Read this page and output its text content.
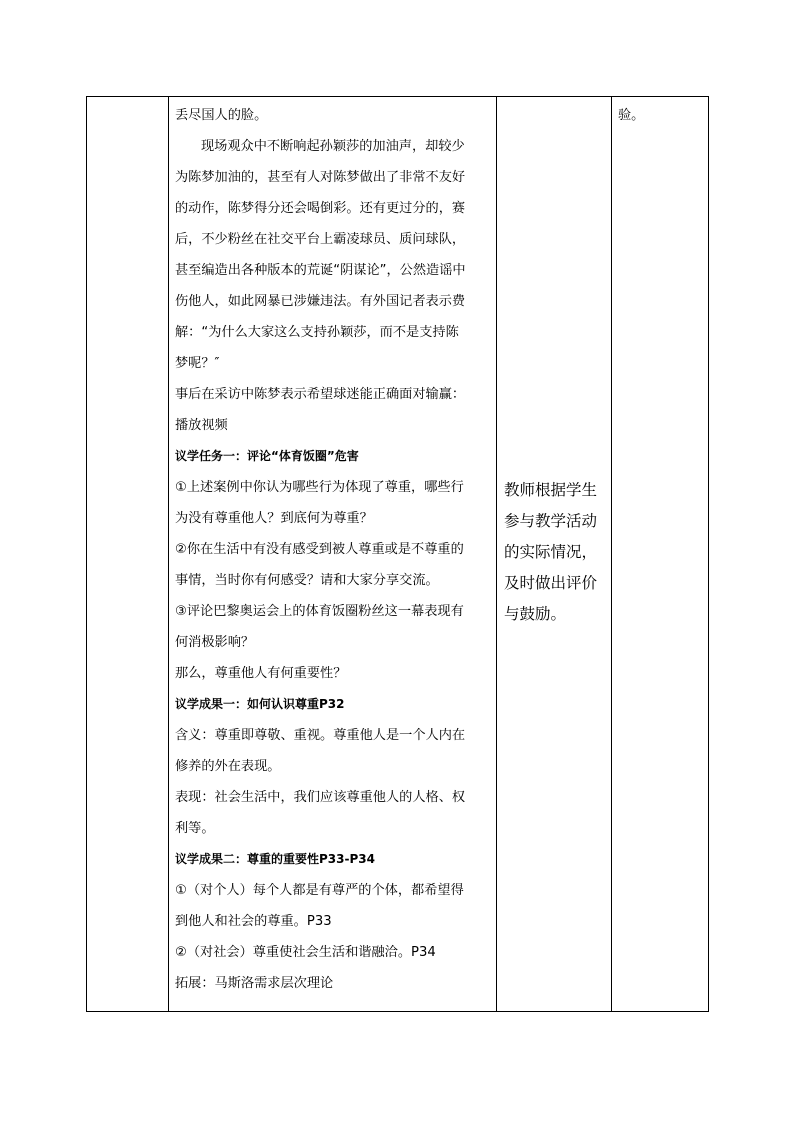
丢尽国人的脸。
现场观众中不断响起孙颖莎的加油声，却较少
为陈梦加油的，甚至有人对陈梦做出了非常不友好
的动作，陈梦得分还会喝倒彩。还有更过分的，赛
后，不少粉丝在社交平台上霸凌球员、质问球队，
甚至编造出各种版本的荒诞“阴谋论”，公然造谣中
伤他人，如此网暴已涉嫌违法。有外国记者表示费
解：“为什么大家这么支持孙颖莎，而不是支持陈
梦呢？″
事后在采访中陈梦表示希望球迷能正确面对输赢：
播放视频
议学任务一：评论“体育饭圈”危害
①上述案例中你认为哪些行为体现了尊重，哪些行
为没有尊重他人？到底何为尊重？
②你在生活中有没有感受到被人尊重或是不尊重的
事情，当时你有何感受？请和大家分享交流。
③评论巴黎奥运会上的体育饭圈粉丝这一幕表现有
何消极影响？
那么，尊重他人有何重要性？
议学成果一：如何认识尊重P32
含义：尊重即尊敬、重视。尊重他人是一个人内在
修养的外在表现。
表现：社会生活中，我们应该尊重他人的人格、权
利等。
议学成果二：尊重的重要性P33-P34
①（对个人）每个人都是有尊严的个体，都希望得
到他人和社会的尊重。P33
②（对社会）尊重使社会生活和谐融洽。P34
拓展：马斯洛需求层次理论

教师根据学生
参与教学活动
的实际情况，
及时做出评价
与鼓励。

验。
